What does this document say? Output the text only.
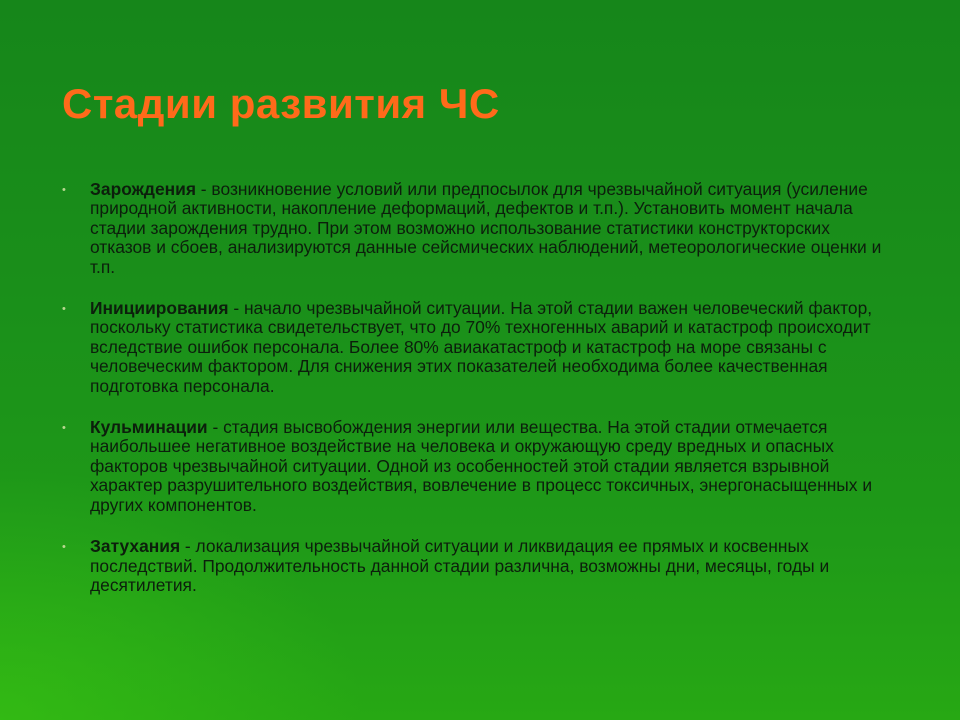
Стадии развития ЧС
• Зарождения - возникновение условий или предпосылок для чрезвычайной ситуация (усиление природной активности, накопление деформаций, дефектов и т.п.). Установить момент начала стадии зарождения трудно. При этом возможно использование статистики конструкторских отказов и сбоев, анализируются данные сейсмических наблюдений, метеорологические оценки и т.п.
• Инициирования - начало чрезвычайной ситуации. На этой стадии важен человеческий фактор, поскольку статистика свидетельствует, что до 70% техногенных аварий и катастроф происходит вследствие ошибок персонала. Более 80% авиакатастроф и катастроф на море связаны с человеческим фактором. Для снижения этих показателей необходима более качественная подготовка персонала.
• Кульминации - стадия высвобождения энергии или вещества. На этой стадии отмечается наибольшее негативное воздействие на человека и окружающую среду вредных и опасных факторов чрезвычайной ситуации. Одной из особенностей этой стадии является взрывной характер разрушительного воздействия, вовлечение в процесс токсичных, энергонасыщенных и других компонентов.
• Затухания - локализация чрезвычайной ситуации и ликвидация ее прямых и косвенных последствий. Продолжительность данной стадии различна, возможны дни, месяцы, годы и десятилетия.
